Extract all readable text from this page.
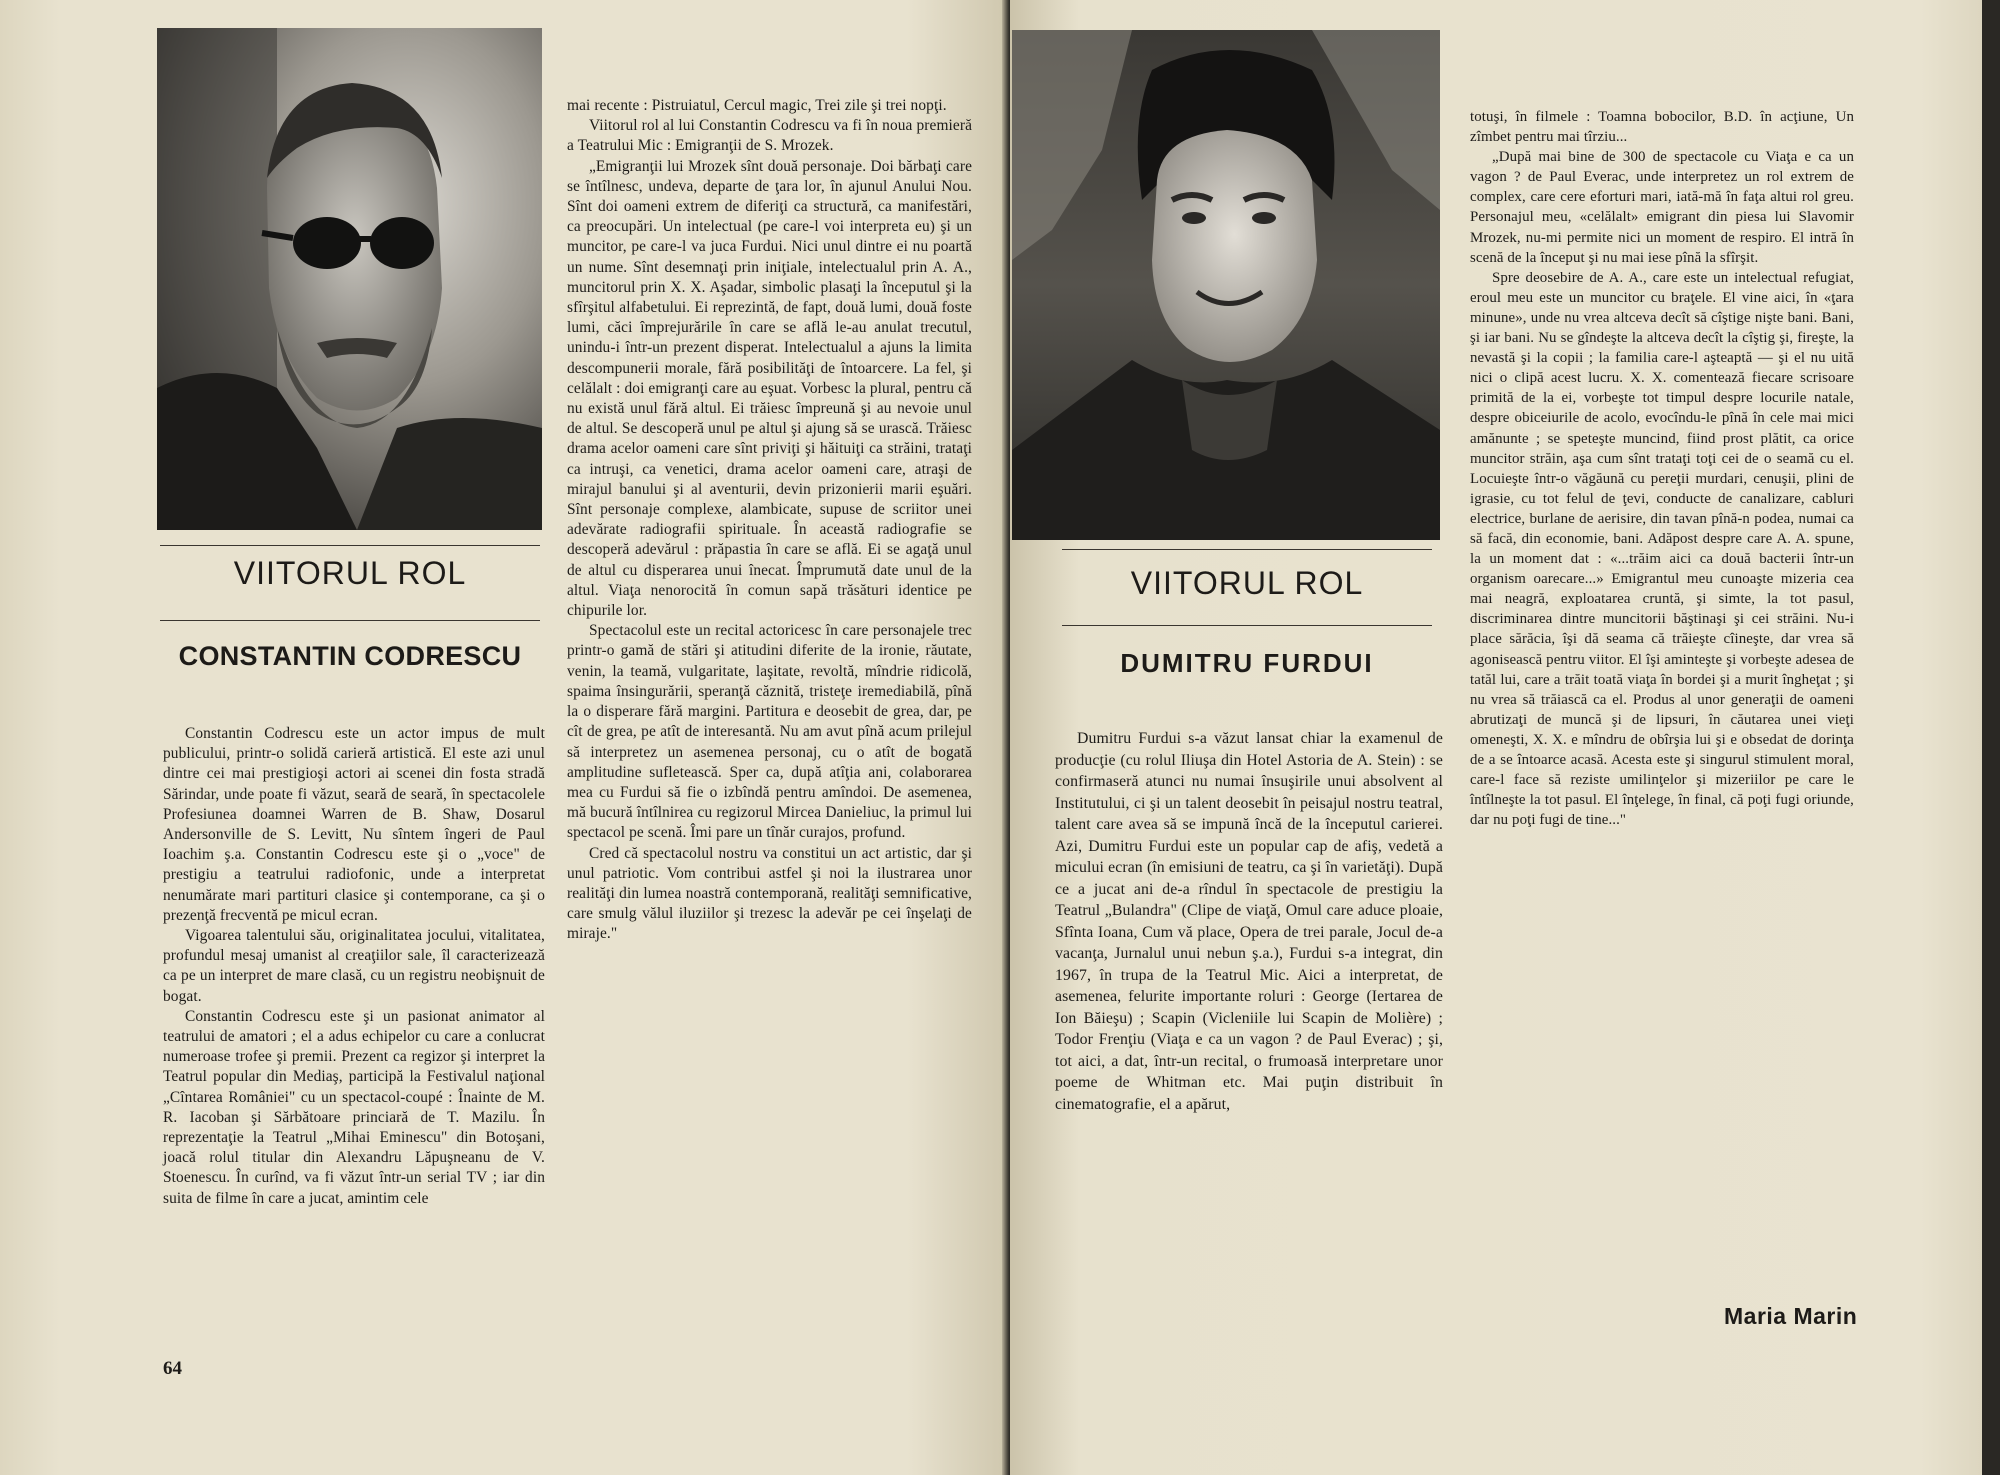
VIITORUL ROL
CONSTANTIN CODRESCU

Constantin Codrescu este un actor impus de mult publicului, printr-o solidă carieră artistică. El este azi unul dintre cei mai prestigioşi actori ai scenei din fosta stradă Sărindar, unde poate fi văzut, seară de seară, în spectacolele Profesiunea doamnei Warren de B. Shaw, Dosarul Andersonville de S. Levitt, Nu sîntem îngeri de Paul Ioachim ş.a. Constantin Codrescu este şi o „voce" de prestigiu a teatrului radiofonic, unde a interpretat nenumărate mari partituri clasice şi contemporane, ca şi o prezenţă frecventă pe micul ecran.

Vigoarea talentului său, originalitatea jocului, vitalitatea, profundul mesaj umanist al creaţiilor sale, îl caracterizează ca pe un interpret de mare clasă, cu un registru neobişnuit de bogat.

Constantin Codrescu este şi un pasionat animator al teatrului de amatori ; el a adus echipelor cu care a conlucrat numeroase trofee şi premii. Prezent ca regizor şi interpret la Teatrul popular din Mediaş, participă la Festivalul naţional „Cîntarea României" cu un spectacol-coupé : Înainte de M. R. Iacoban şi Sărbătoare princiară de T. Mazilu. În reprezentaţie la Teatrul „Mihai Eminescu" din Botoşani, joacă rolul titular din Alexandru Lăpuşneanu de V. Stoenescu. În curînd, va fi văzut într-un serial TV ; iar din suita de filme în care a jucat, amintim cele

mai recente : Pistruiatul, Cercul magic, Trei zile şi trei nopţi.

Viitorul rol al lui Constantin Codrescu va fi în noua premieră a Teatrului Mic : Emigranţii de S. Mrozek.

„Emigranţii lui Mrozek sînt două personaje. Doi bărbaţi care se întîlnesc, undeva, departe de ţara lor, în ajunul Anului Nou. Sînt doi oameni extrem de diferiţi ca structură, ca manifestări, ca preocupări. Un intelectual (pe care-l voi interpreta eu) şi un muncitor, pe care-l va juca Furdui. Nici unul dintre ei nu poartă un nume. Sînt desemnaţi prin iniţiale, intelectualul prin A. A., muncitorul prin X. X. Aşadar, simbolic plasaţi la începutul şi la sfîrşitul alfabetului. Ei reprezintă, de fapt, două lumi, două foste lumi, căci împrejurările în care se află le-au anulat trecutul, unindu-i într-un prezent disperat. Intelectualul a ajuns la limita descompunerii morale, fără posibilităţi de întoarcere. La fel, şi celălalt : doi emigranţi care au eşuat. Vorbesc la plural, pentru că nu există unul fără altul. Ei trăiesc împreună şi au nevoie unul de altul. Se descoperă unul pe altul şi ajung să se urască. Trăiesc drama acelor oameni care sînt priviţi şi hăituiţi ca străini, trataţi ca intruşi, ca venetici, drama acelor oameni care, atraşi de mirajul banului şi al aventurii, devin prizonierii marii eşuări. Sînt personaje complexe, alambicate, supuse de scriitor unei adevărate radiografii spirituale. În această radiografie se descoperă adevărul : prăpastia în care se află. Ei se agaţă unul de altul cu disperarea unui înecat. Împrumută date unul de la altul. Viaţa nenorocită în comun sapă trăsături identice pe chipurile lor.

Spectacolul este un recital actoricesc în care personajele trec printr-o gamă de stări şi atitudini diferite de la ironie, răutate, venin, la teamă, vulgaritate, laşitate, revoltă, mîndrie ridicolă, spaima însingurării, speranţă căznită, tristeţe iremediabilă, pînă la o disperare fără margini. Partitura e deosebit de grea, dar, pe cît de grea, pe atît de interesantă. Nu am avut pînă acum prilejul să interpretez un asemenea personaj, cu o atît de bogată amplitudine sufletească. Sper ca, după atîţia ani, colaborarea mea cu Furdui să fie o izbîndă pentru amîndoi. De asemenea, mă bucură întîlnirea cu regizorul Mircea Danieliuc, la primul lui spectacol pe scenă. Îmi pare un tînăr curajos, profund.

Cred că spectacolul nostru va constitui un act artistic, dar şi unul patriotic. Vom contribui astfel şi noi la ilustrarea unor realităţi din lumea noastră contemporană, realităţi semnificative, care smulg vălul iluziilor şi trezesc la adevăr pe cei înşelaţi de miraje."

64
VIITORUL ROL
DUMITRU FURDUI

Dumitru Furdui s-a văzut lansat chiar la examenul de producţie (cu rolul Iliuşa din Hotel Astoria de A. Stein) : se confirmaseră atunci nu numai însuşirile unui absolvent al Institutului, ci şi un talent deosebit în peisajul nostru teatral, talent care avea să se impună încă de la începutul carierei. Azi, Dumitru Furdui este un popular cap de afiş, vedetă a micului ecran (în emisiuni de teatru, ca şi în varietăţi). După ce a jucat ani de-a rîndul în spectacole de prestigiu la Teatrul „Bulandra" (Clipe de viaţă, Omul care aduce ploaie, Sfînta Ioana, Cum vă place, Opera de trei parale, Jocul de-a vacanţa, Jurnalul unui nebun ş.a.), Furdui s-a integrat, din 1967, în trupa de la Teatrul Mic. Aici a interpretat, de asemenea, felurite importante roluri : George (Iertarea de Ion Băieşu) ; Scapin (Vicleniile lui Scapin de Molière) ; Todor Frenţiu (Viaţa e ca un vagon ? de Paul Everac) ; şi, tot aici, a dat, într-un recital, o frumoasă interpretare unor poeme de Whitman etc. Mai puţin distribuit în cinematografie, el a apărut,

totuşi, în filmele : Toamna bobocilor, B.D. în acţiune, Un zîmbet pentru mai tîrziu...

„După mai bine de 300 de spectacole cu Viaţa e ca un vagon ? de Paul Everac, unde interpretez un rol extrem de complex, care cere eforturi mari, iată-mă în faţa altui rol greu. Personajul meu, «celălalt» emigrant din piesa lui Slavomir Mrozek, nu-mi permite nici un moment de respiro. El intră în scenă de la început şi nu mai iese pînă la sfîrşit.

Spre deosebire de A. A., care este un intelectual refugiat, eroul meu este un muncitor cu braţele. El vine aici, în «ţara minune», unde nu vrea altceva decît să cîştige nişte bani. Bani, şi iar bani. Nu se gîndeşte la altceva decît la cîştig şi, fireşte, la nevastă şi la copii ; la familia care-l aşteaptă — şi el nu uită nici o clipă acest lucru. X. X. comentează fiecare scrisoare primită de la ei, vorbeşte tot timpul despre locurile natale, despre obiceiurile de acolo, evocîndu-le pînă în cele mai mici amănunte ; se speteşte muncind, fiind prost plătit, ca orice muncitor străin, aşa cum sînt trataţi toţi cei de o seamă cu el. Locuieşte într-o văgăună cu pereţii murdari, cenuşii, plini de igrasie, cu tot felul de ţevi, conducte de canalizare, cabluri electrice, burlane de aerisire, din tavan pînă-n podea, numai ca să facă, din economie, bani. Adăpost despre care A. A. spune, la un moment dat : «...trăim aici ca două bacterii într-un organism oarecare...» Emigrantul meu cunoaşte mizeria cea mai neagră, exploatarea cruntă, şi simte, la tot pasul, discriminarea dintre muncitorii băştinaşi şi cei străini. Nu-i place sărăcia, îşi dă seama că trăieşte cîineşte, dar vrea să agonisească pentru viitor. El îşi aminteşte şi vorbeşte adesea de tatăl lui, care a trăit toată viaţa în bordei şi a murit îngheţat ; şi nu vrea să trăiască ca el. Produs al unor generaţii de oameni abrutizaţi de muncă şi de lipsuri, în căutarea unei vieţi omeneşti, X. X. e mîndru de obîrşia lui şi e obsedat de dorinţa de a se întoarce acasă. Acesta este şi singurul stimulent moral, care-l face să reziste umilinţelor şi mizeriilor pe care le întîlneşte la tot pasul. El înţelege, în final, că poţi fugi oriunde, dar nu poţi fugi de tine..."

Maria Marin
